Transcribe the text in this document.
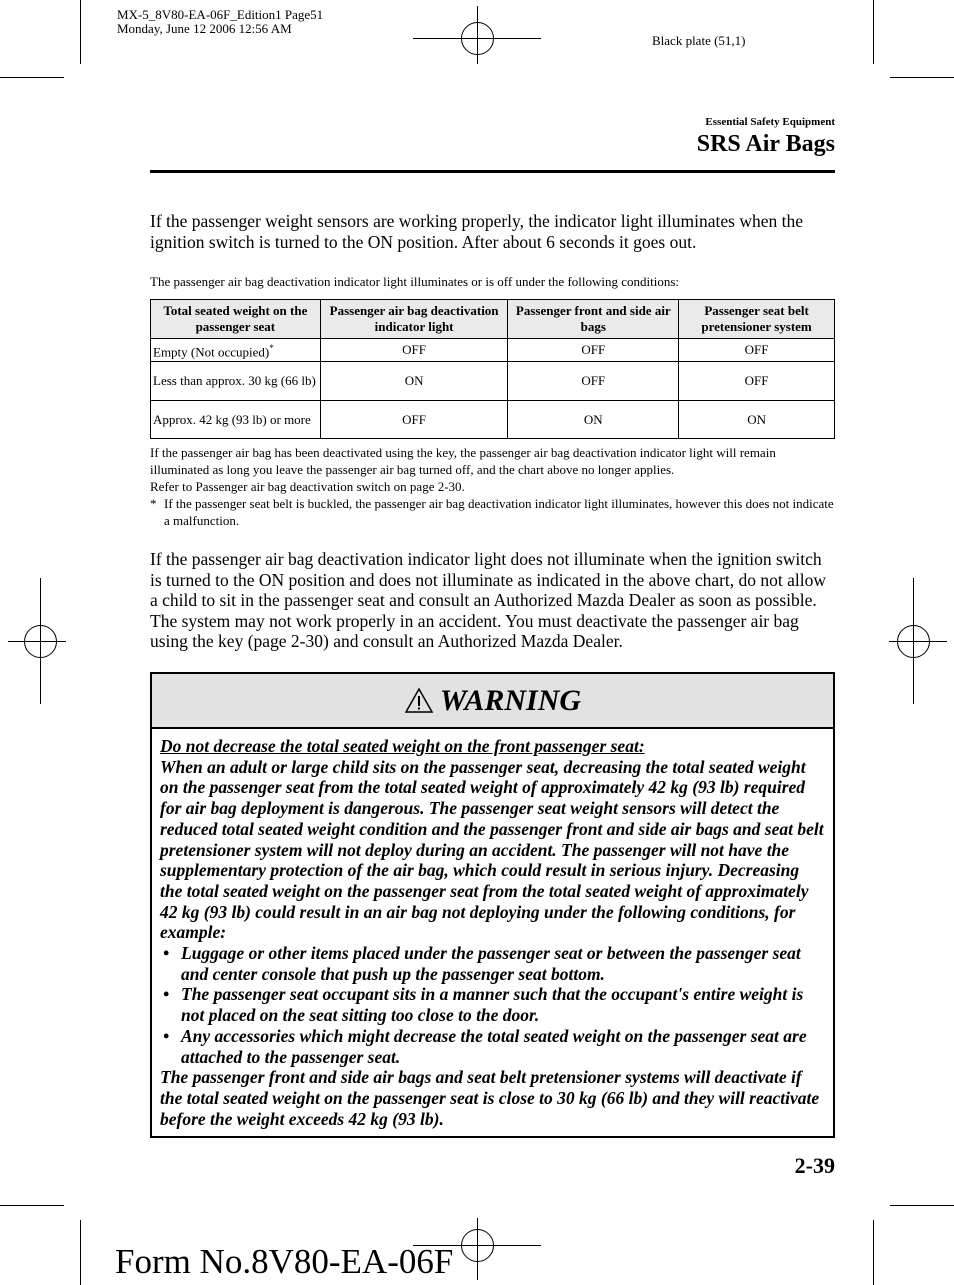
MX-5_8V80-EA-06F_Edition1 Page51
Monday, June 12 2006 12:56 AM
Black plate (51,1)
Essential Safety Equipment
SRS Air Bags
If the passenger weight sensors are working properly, the indicator light illuminates when the ignition switch is turned to the ON position. After about 6 seconds it goes out.
The passenger air bag deactivation indicator light illuminates or is off under the following conditions:
Total seated weight on the passenger seat	Passenger air bag deactivation indicator light	Passenger front and side air bags	Passenger seat belt pretensioner system
Empty (Not occupied)*	OFF	OFF	OFF
Less than approx. 30 kg (66 lb)	ON	OFF	OFF
Approx. 42 kg (93 lb) or more	OFF	ON	ON
If the passenger air bag has been deactivated using the key, the passenger air bag deactivation indicator light will remain illuminated as long you leave the passenger air bag turned off, and the chart above no longer applies.
Refer to Passenger air bag deactivation switch on page 2-30.
* If the passenger seat belt is buckled, the passenger air bag deactivation indicator light illuminates, however this does not indicate a malfunction.
If the passenger air bag deactivation indicator light does not illuminate when the ignition switch is turned to the ON position and does not illuminate as indicated in the above chart, do not allow a child to sit in the passenger seat and consult an Authorized Mazda Dealer as soon as possible. The system may not work properly in an accident. You must deactivate the passenger air bag using the key (page 2-30) and consult an Authorized Mazda Dealer.
WARNING
Do not decrease the total seated weight on the front passenger seat:
When an adult or large child sits on the passenger seat, decreasing the total seated weight on the passenger seat from the total seated weight of approximately 42 kg (93 lb) required for air bag deployment is dangerous. The passenger seat weight sensors will detect the reduced total seated weight condition and the passenger front and side air bags and seat belt pretensioner system will not deploy during an accident. The passenger will not have the supplementary protection of the air bag, which could result in serious injury. Decreasing the total seated weight on the passenger seat from the total seated weight of approximately 42 kg (93 lb) could result in an air bag not deploying under the following conditions, for example:
• Luggage or other items placed under the passenger seat or between the passenger seat and center console that push up the passenger seat bottom.
• The passenger seat occupant sits in a manner such that the occupant's entire weight is not placed on the seat sitting too close to the door.
• Any accessories which might decrease the total seated weight on the passenger seat are attached to the passenger seat.
The passenger front and side air bags and seat belt pretensioner systems will deactivate if the total seated weight on the passenger seat is close to 30 kg (66 lb) and they will reactivate before the weight exceeds 42 kg (93 lb).
2-39
Form No.8V80-EA-06F
